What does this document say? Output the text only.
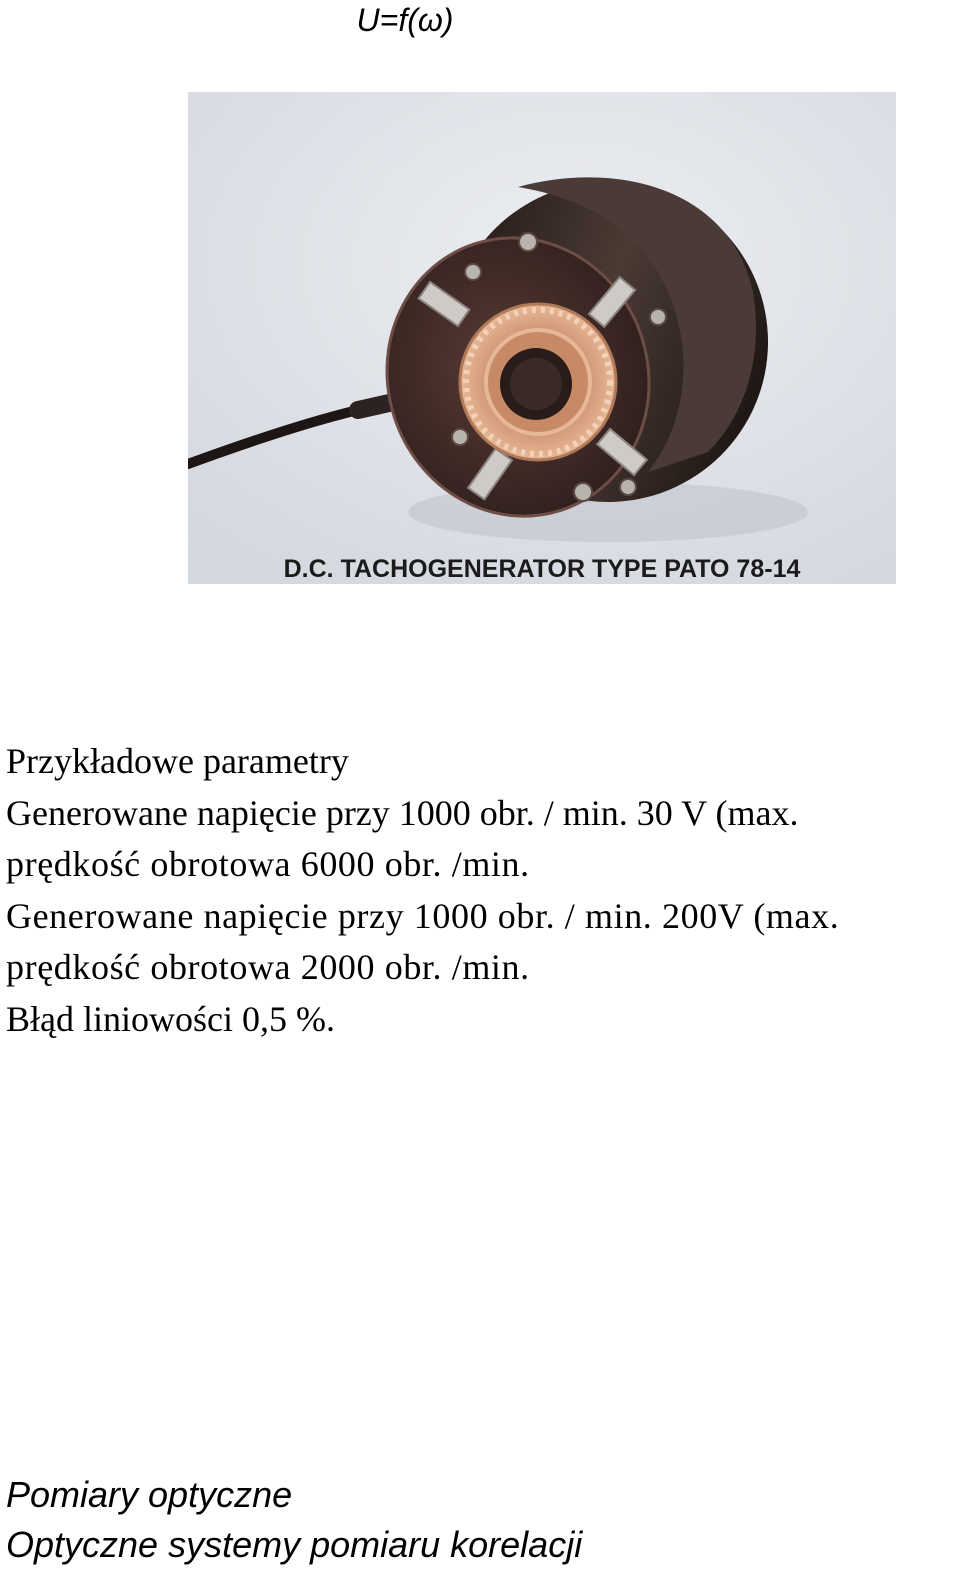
U=f(ω)
D.C. TACHOGENERATOR TYPE PATO 78-14
Przykładowe parametry
Generowane napięcie przy 1000 obr. / min. 30 V (max.
prędkość obrotowa 6000 obr. /min.
Generowane napięcie przy 1000 obr. / min. 200V (max.
prędkość obrotowa 2000 obr. /min.
Błąd liniowości 0,5 %.
Pomiary optyczne
Optyczne systemy pomiaru korelacji
